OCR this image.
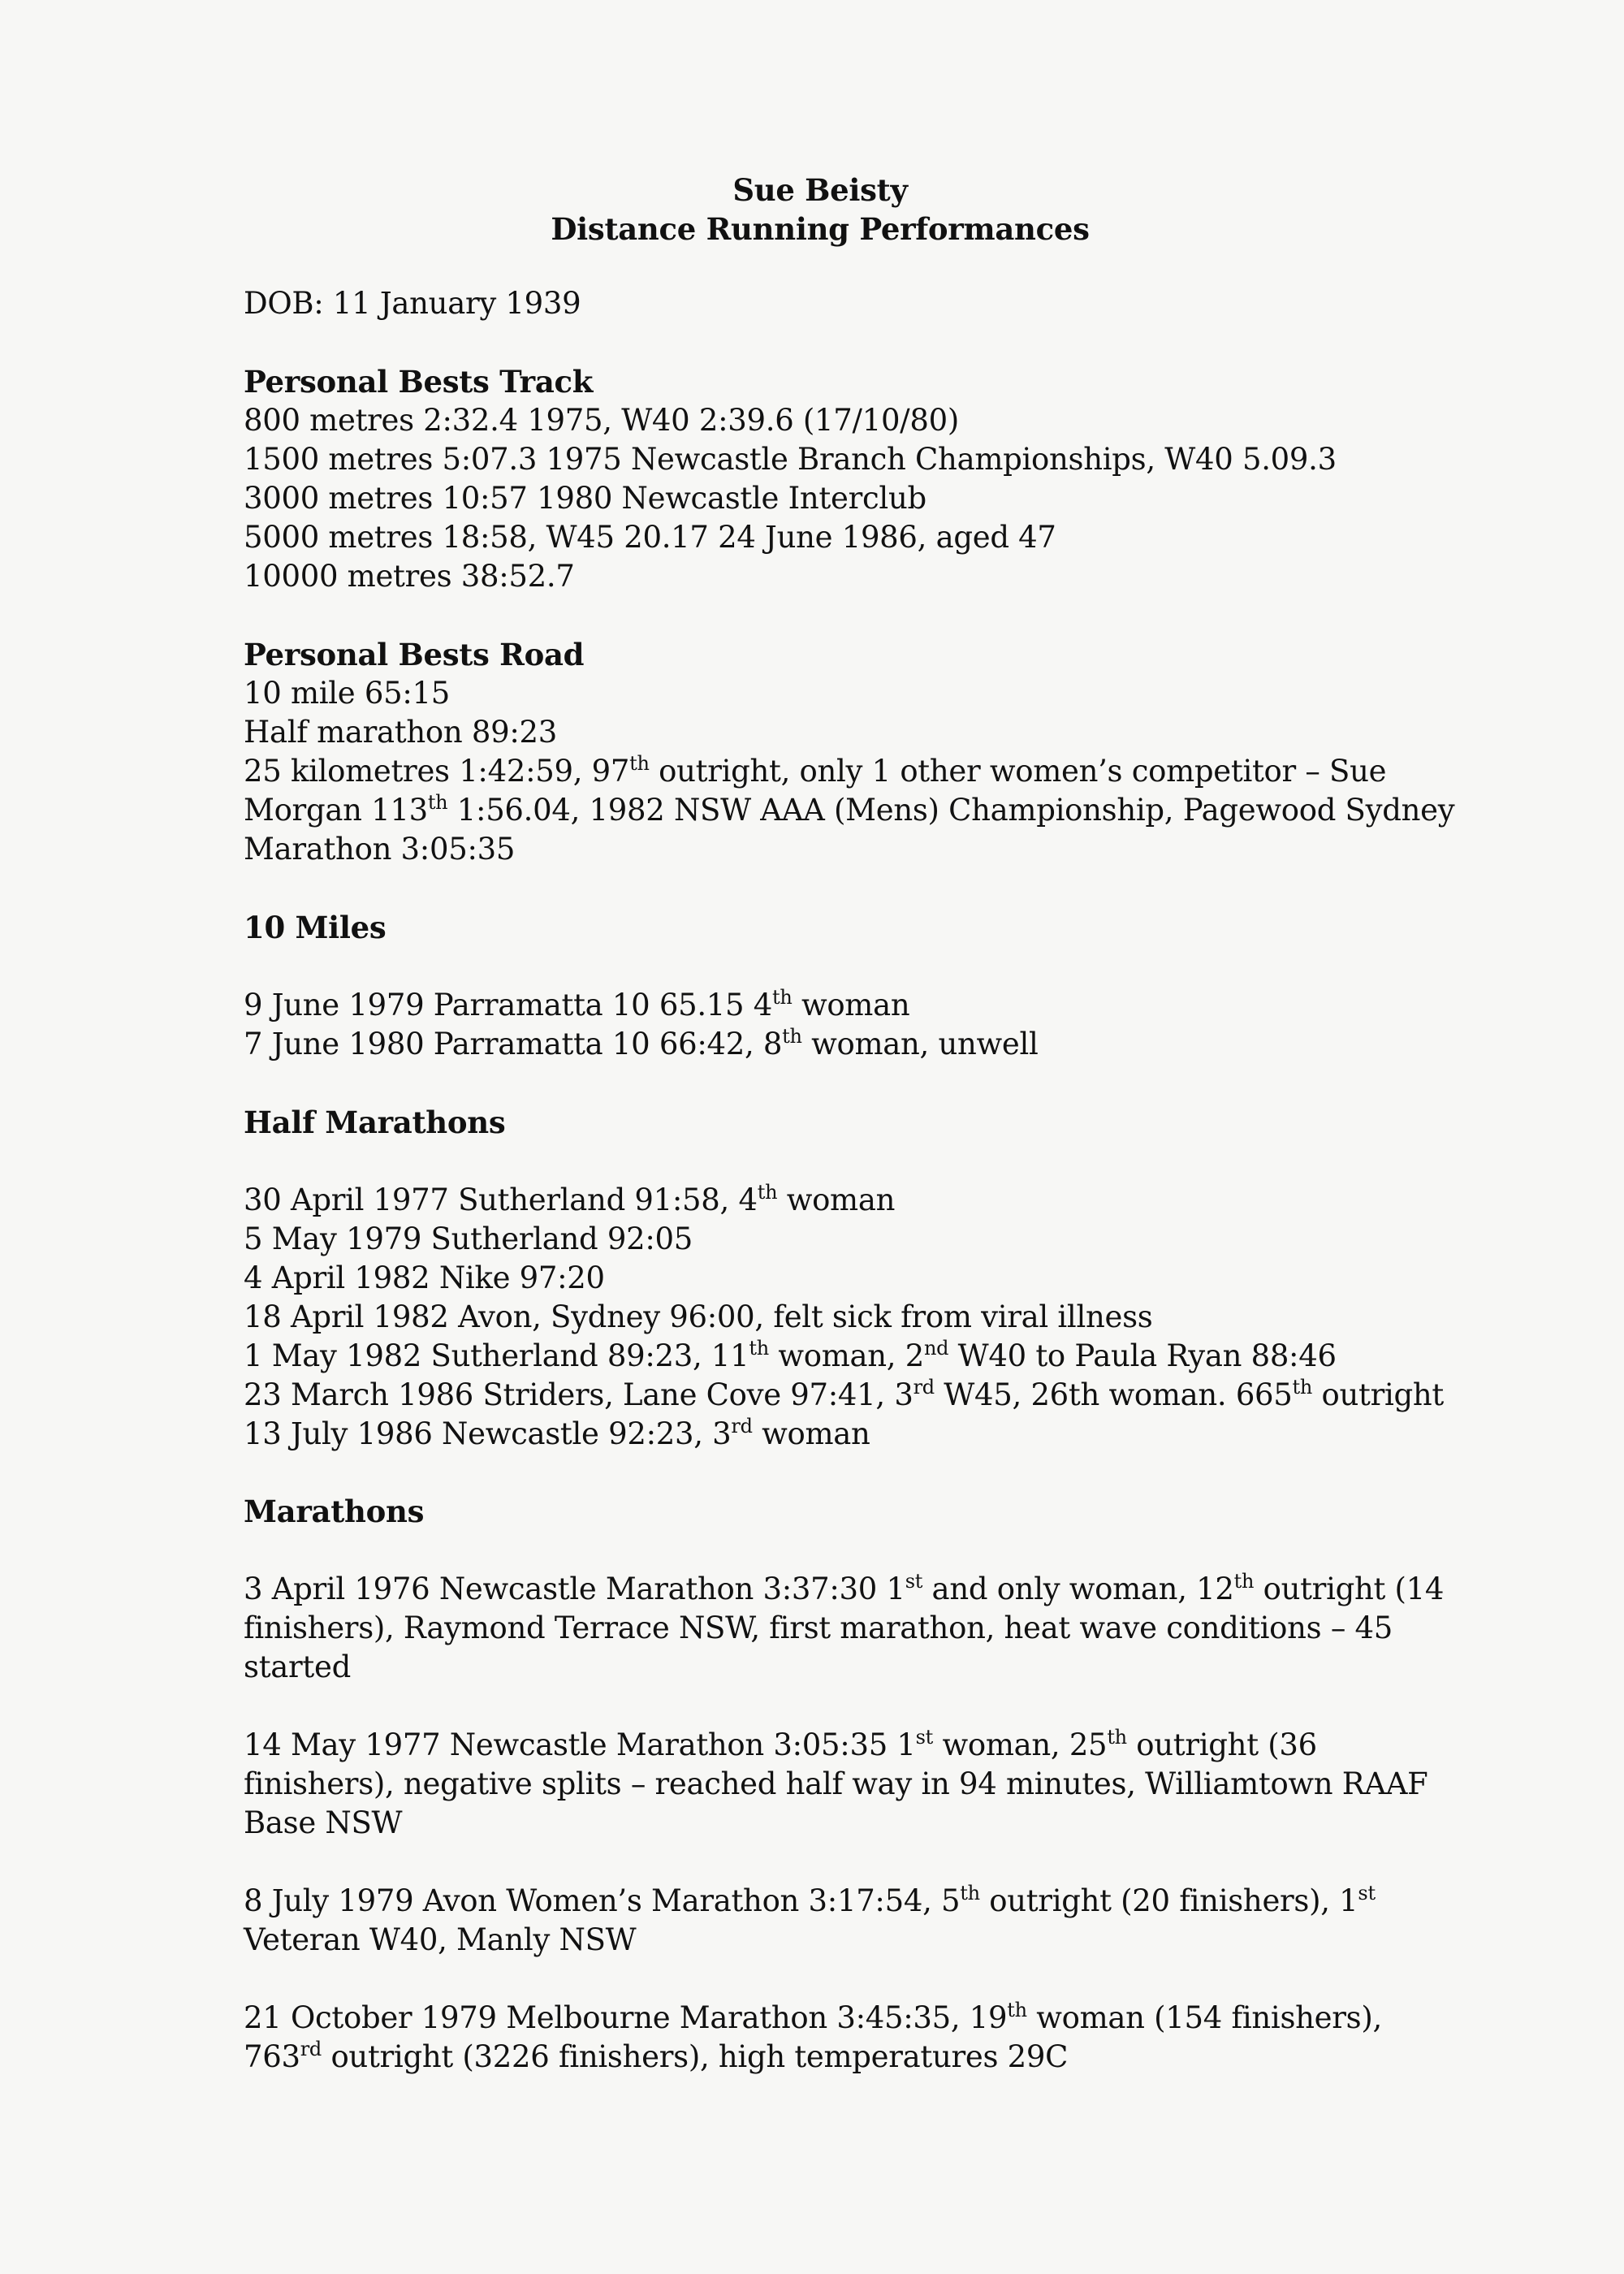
Sue Beisty
Distance Running Performances
DOB: 11 January 1939
Personal Bests Track
800 metres 2:32.4 1975, W40 2:39.6 (17/10/80)
1500 metres 5:07.3 1975 Newcastle Branch Championships, W40 5.09.3
3000 metres 10:57 1980 Newcastle Interclub
5000 metres 18:58, W45 20.17 24 June 1986, aged 47
10000 metres 38:52.7
Personal Bests Road
10 mile 65:15
Half marathon 89:23
25 kilometres 1:42:59, 97th outright, only 1 other women’s competitor – Sue
Morgan 113th 1:56.04, 1982 NSW AAA (Mens) Championship, Pagewood Sydney
Marathon 3:05:35
10 Miles
9 June 1979 Parramatta 10 65.15 4th woman
7 June 1980 Parramatta 10 66:42, 8th woman, unwell
Half Marathons
30 April 1977 Sutherland 91:58, 4th woman
5 May 1979 Sutherland 92:05
4 April 1982 Nike 97:20
18 April 1982 Avon, Sydney 96:00, felt sick from viral illness
1 May 1982 Sutherland 89:23, 11th woman, 2nd W40 to Paula Ryan 88:46
23 March 1986 Striders, Lane Cove 97:41, 3rd W45, 26th woman. 665th outright
13 July 1986 Newcastle 92:23, 3rd woman
Marathons
3 April 1976 Newcastle Marathon 3:37:30 1st and only woman, 12th outright (14
finishers), Raymond Terrace NSW, first marathon, heat wave conditions – 45
started
14 May 1977 Newcastle Marathon 3:05:35 1st woman, 25th outright (36
finishers), negative splits – reached half way in 94 minutes, Williamtown RAAF
Base NSW
8 July 1979 Avon Women’s Marathon 3:17:54, 5th outright (20 finishers), 1st
Veteran W40, Manly NSW
21 October 1979 Melbourne Marathon 3:45:35, 19th woman (154 finishers),
763rd outright (3226 finishers), high temperatures 29C
